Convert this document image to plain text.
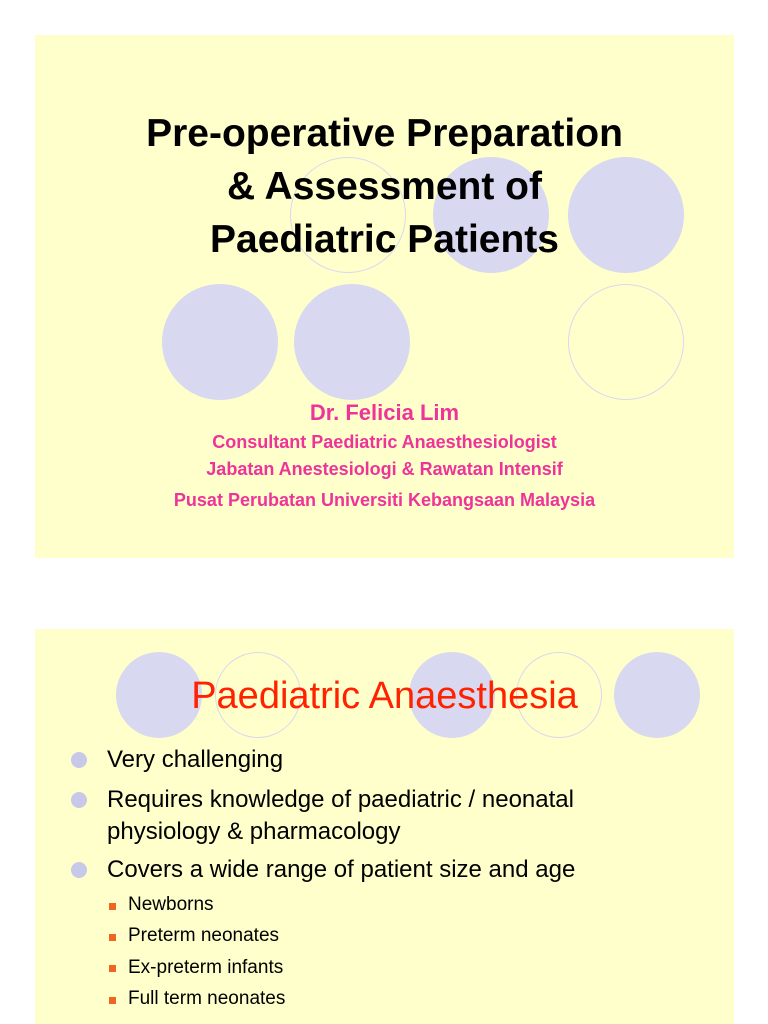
Pre-operative Preparation
& Assessment of
Paediatric Patients
Dr. Felicia Lim
Consultant Paediatric Anaesthesiologist
Jabatan Anestesiologi & Rawatan Intensif
Pusat Perubatan Universiti Kebangsaan Malaysia
Paediatric Anaesthesia
Very challenging
Requires knowledge of paediatric / neonatal
physiology & pharmacology
Covers a wide range of patient size and age
Newborns
Preterm neonates
Ex-preterm infants
Full term neonates
